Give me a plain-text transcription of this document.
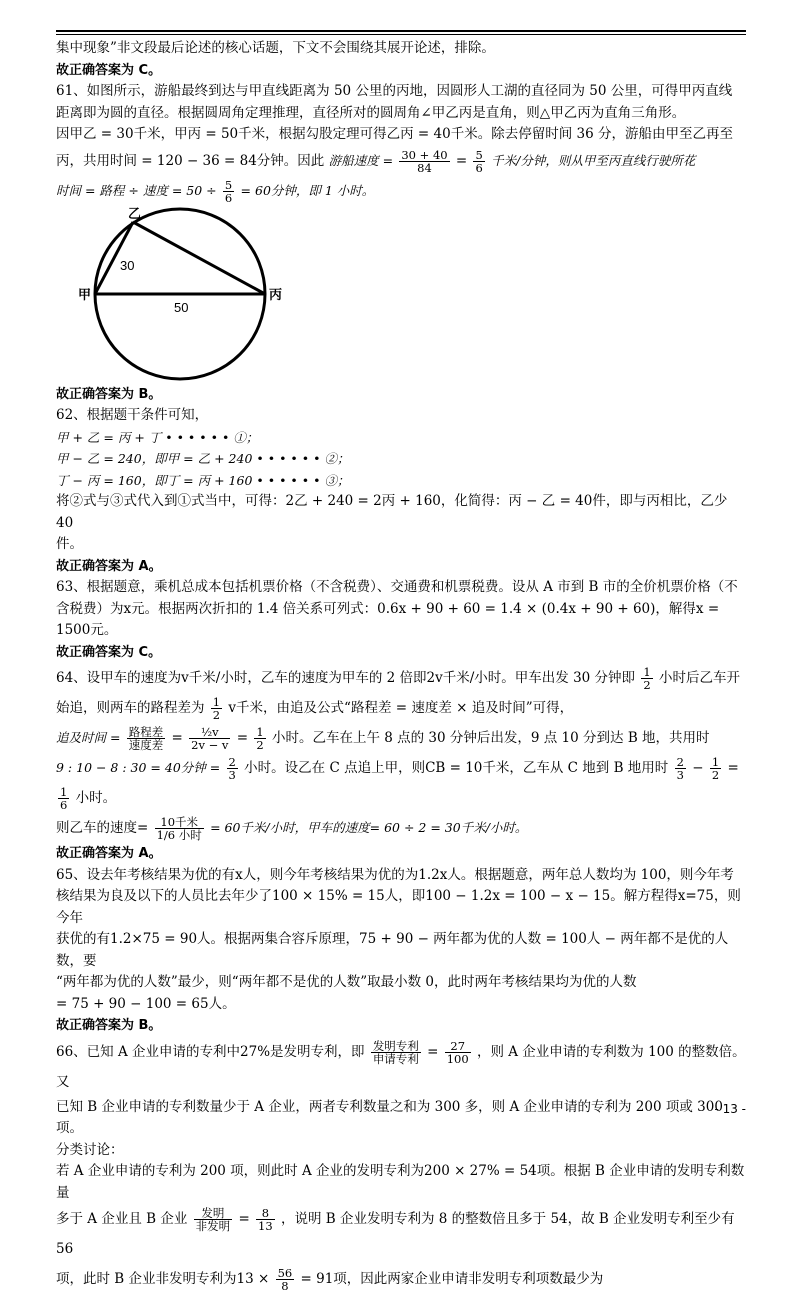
集中现象”非文段最后论述的核心话题，下文不会围绕其展开论述，排除。

故正确答案为 C。

61、如图所示，游船最终到达与甲直线距离为 50 公里的丙地，因圆形人工湖的直径同为 50 公里，可得甲丙直线

距离即为圆的直径。根据圆周角定理推理，直径所对的圆周角∠甲乙丙是直角，则△甲乙丙为直角三角形。

因甲乙 = 30千米，甲丙 = 50千米，根据勾股定理可得乙丙 = 40千米。除去停留时间 36 分，游船由甲至乙再至

丙，共用时间 = 120 − 36 = 84分钟。因此 游船速度 = $\frac{30 + 40}{84} = \frac{5}{6}$ 千米/分钟，则从甲至丙直线行驶所花

时间 = 路程 ÷ 速度 = $50 \div \frac{5}{6} = 60$分钟，即 1 小时。

乙
甲	丙
30
50

故正确答案为 B。

62、根据题干条件可知，

甲 + 乙 = 丙 + 丁 • • • • • • ①；

甲 − 乙 = 240，即甲 = 乙 + 240 • • • • • • ②；

丁 − 丙 = 160，即丁 = 丙 + 160 • • • • • • ③；

将②式与③式代入到①式当中，可得：2乙 + 240 = 2丙 + 160，化简得：丙 − 乙 = 40件，即与丙相比，乙少 40

件。

故正确答案为 A。

63、根据题意，乘机总成本包括机票价格（不含税费）、交通费和机票税费。设从 A 市到 B 市的全价机票价格（不

含税费）为x元。根据两次折扣的 1.4 倍关系可列式：0.6x + 90 + 60 = 1.4 × (0.4x + 90 + 60)，解得x = 1500元。

故正确答案为 C。

64、设甲车的速度为v千米/小时，乙车的速度为甲车的 2 倍即2v千米/小时。甲车出发 30 分钟即 $\frac{1}{2}$ 小时后乙车开

始追，则两车的路程差为 $\frac{1}{2}$ v千米，由追及公式“路程差 = 速度差 × 追及时间”可得，

追及时间 = $\frac{\text{路程差}}{\text{速度差}} = \frac{\text{½v}}{2v - v} = \frac{1}{2}$ 小时。乙车在上午 8 点的 30 分钟后出发，9 点 10 分到达 B 地，共用时

9 : 10 − 8 : 30 = 40分钟 = $\frac{2}{3}$ 小时。设乙在 C 点追上甲，则CB = 10千米，乙车从 C 地到 B 地用时 $\frac{2}{3} - \frac{1}{2}$ =
$\frac{1}{6}$ 小时。

则乙车的速度= $\frac{\text{10千米}}{\text{1/6 小时}} = 60$千米/小时，甲车的速度= 60 ÷ 2 = 30千米/小时。

故正确答案为 A。

65、设去年考核结果为优的有x人，则今年考核结果为优的为1.2x人。根据题意，两年总人数均为 100，则今年考

核结果为良及以下的人员比去年少了100 × 15% = 15人，即100 − 1.2x = 100 − x − 15。解方程得x=75，则今年

获优的有1.2×75 = 90人。根据两集合容斥原理，75 + 90 − 两年都为优的人数 = 100人 − 两年都不是优的人数，要

“两年都为优的人数”最少，则“两年都不是优的人数”取最小数 0，此时两年考核结果均为优的人数

= 75 + 90 − 100 = 65人。

故正确答案为 B。

66、已知 A 企业申请的专利中27%是发明专利，即 $\frac{\text{发明专利}}{\text{申请专利}} = \frac{27}{100}$ ，则 A 企业申请的专利数为 100 的整数倍。又

已知 B 企业申请的专利数量少于 A 企业，两者专利数量之和为 300 多，则 A 企业申请的专利为 200 项或 300 项。

分类讨论：

若 A 企业申请的专利为 200 项，则此时 A 企业的发明专利为200 × 27% = 54项。根据 B 企业申请的发明专利数量

多于 A 企业且 B 企业 $\frac{\text{发明}}{\text{非发明}} = \frac{8}{13}$ ，说明 B 企业发明专利为 8 的整数倍且多于 54，故 B 企业发明专利至少有 56

项，此时 B 企业非发明专利为$13 \times \frac{56}{8} = 91$项，因此两家企业申请非发明专利项数最少为

- 13 -
